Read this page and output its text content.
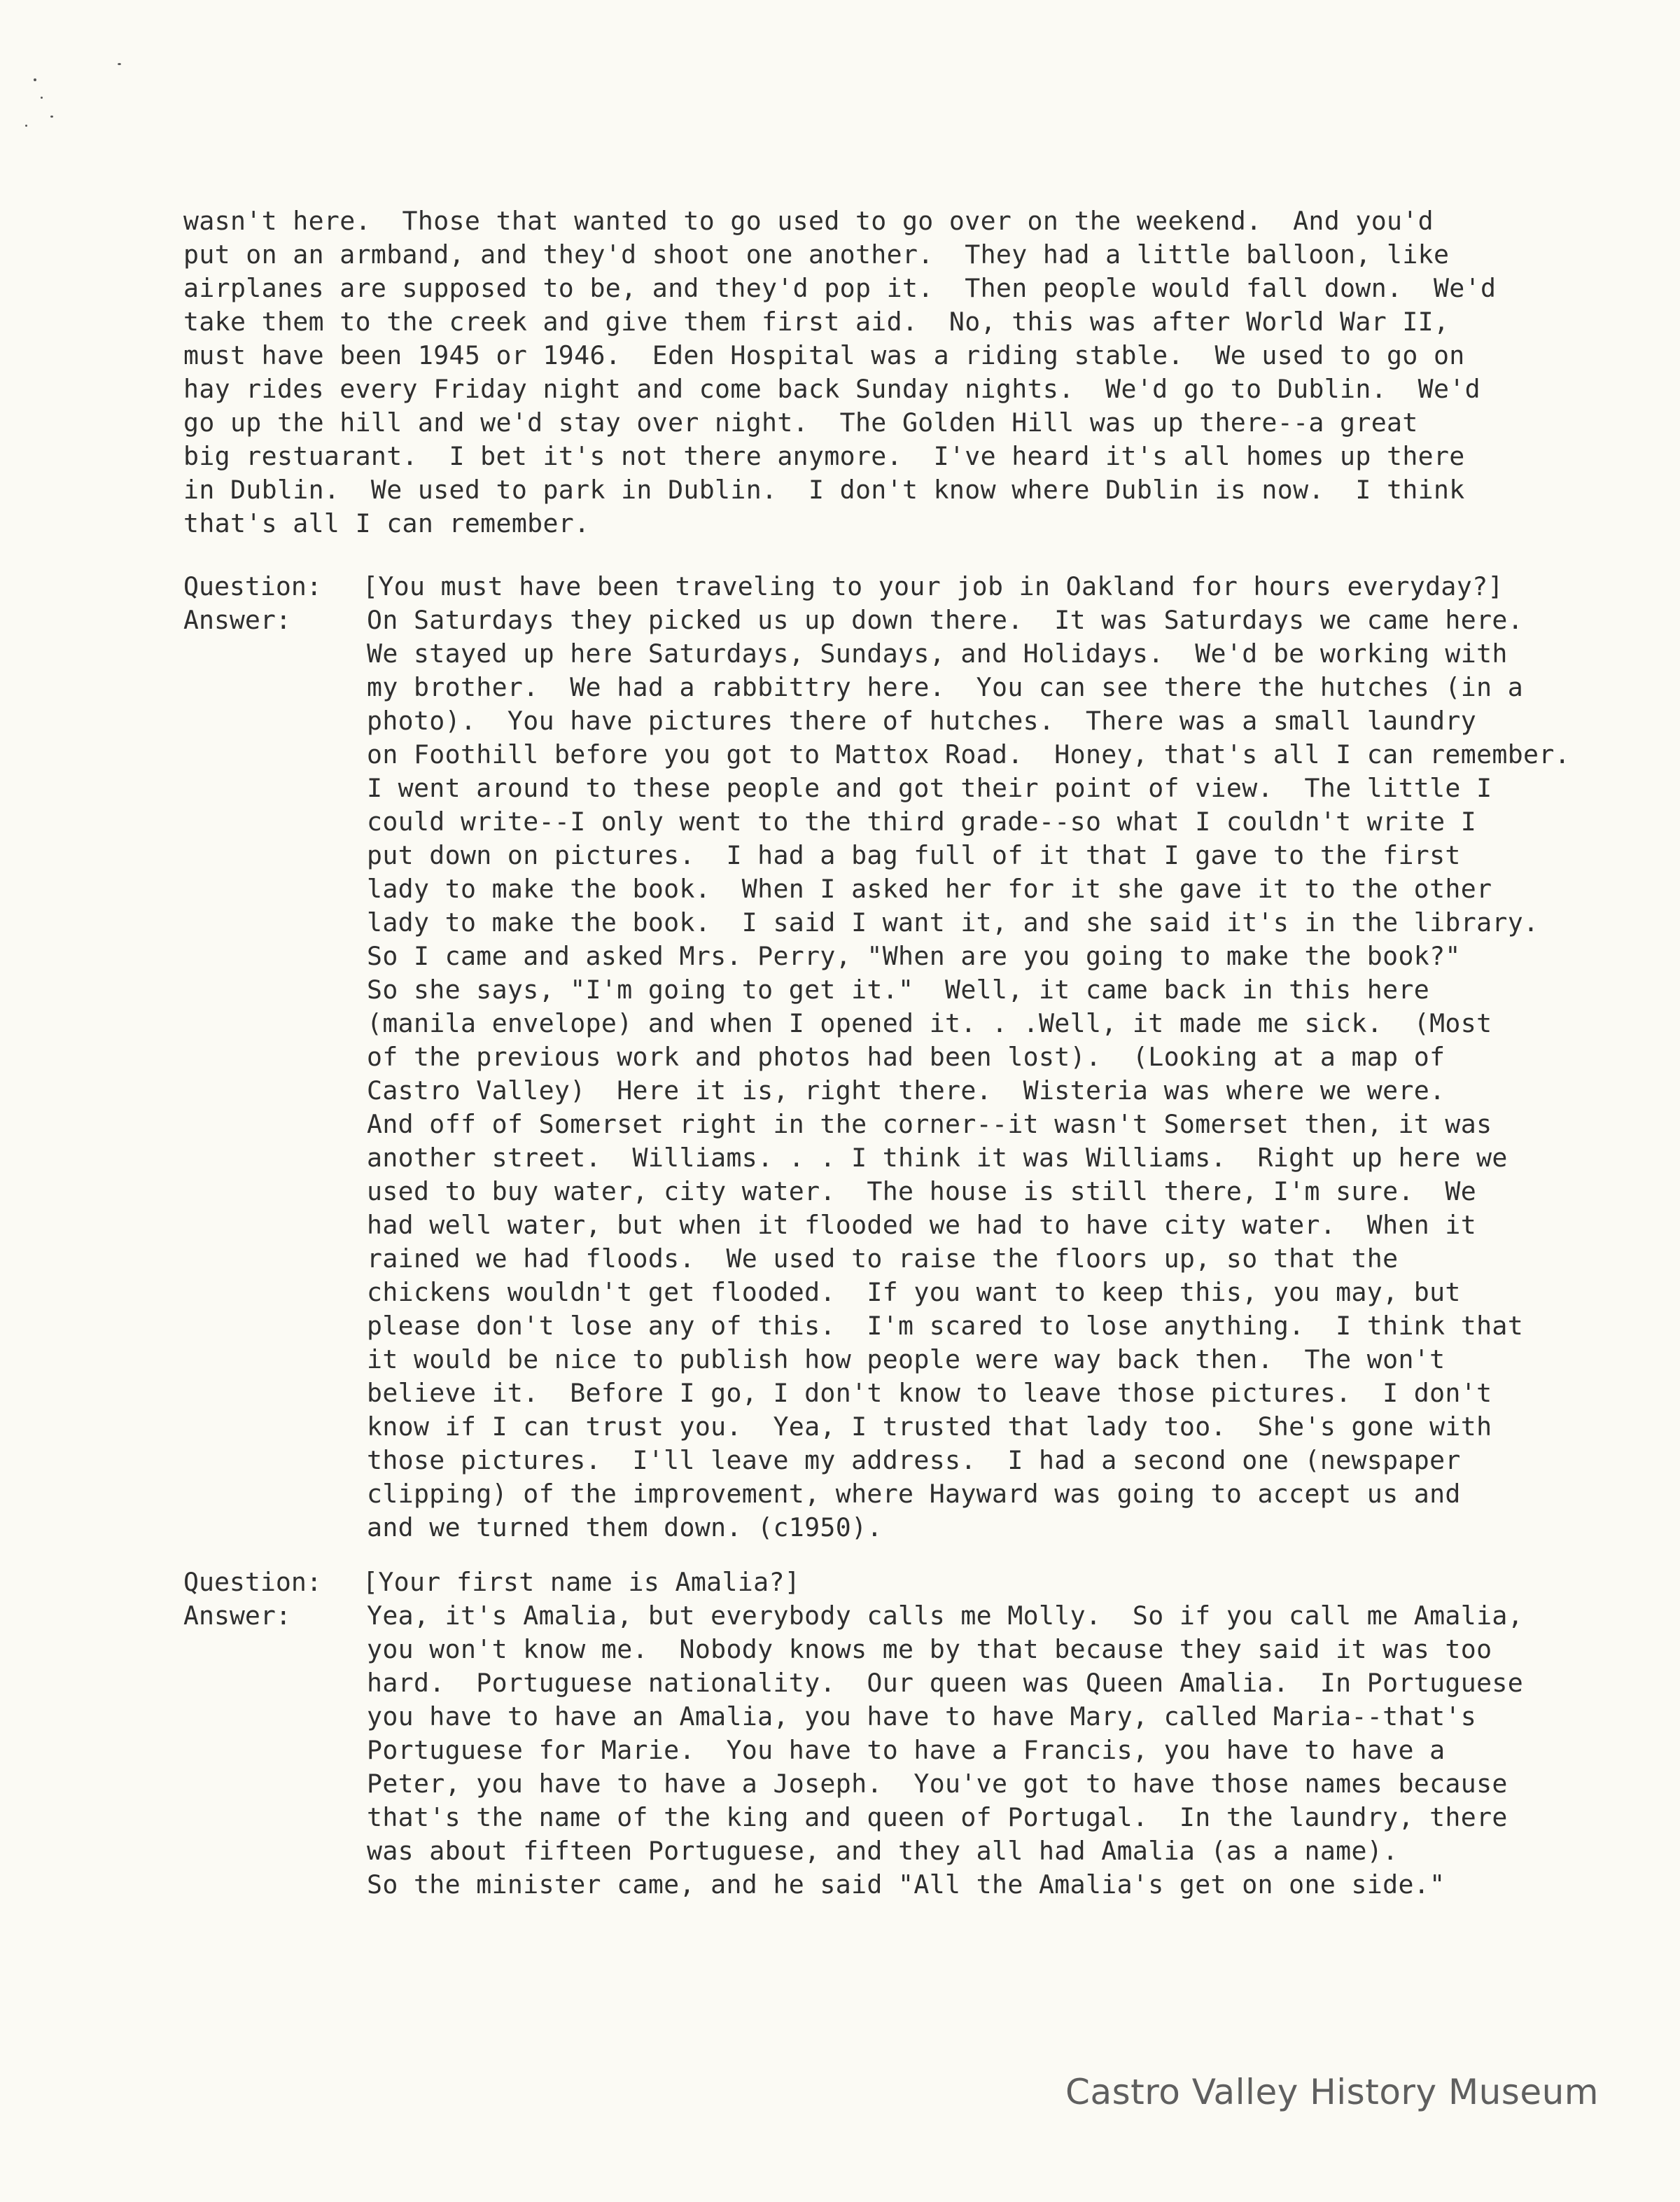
wasn't here.  Those that wanted to go used to go over on the weekend.  And you'd
put on an armband, and they'd shoot one another.  They had a little balloon, like
airplanes are supposed to be, and they'd pop it.  Then people would fall down.  We'd
take them to the creek and give them first aid.  No, this was after World War II,
must have been 1945 or 1946.  Eden Hospital was a riding stable.  We used to go on
hay rides every Friday night and come back Sunday nights.  We'd go to Dublin.  We'd
go up the hill and we'd stay over night.  The Golden Hill was up there--a great
big restuarant.  I bet it's not there anymore.  I've heard it's all homes up there
in Dublin.  We used to park in Dublin.  I don't know where Dublin is now.  I think
that's all I can remember.
Question: [You must have been traveling to your job in Oakland for hours everyday?]
Answer:	On Saturdays they picked us up down there.  It was Saturdays we came here.
We stayed up here Saturdays, Sundays, and Holidays.  We'd be working with
my brother.  We had a rabbittry here.  You can see there the hutches (in a
photo).  You have pictures there of hutches.  There was a small laundry
on Foothill before you got to Mattox Road.  Honey, that's all I can remember.
I went around to these people and got their point of view.  The little I
could write--I only went to the third grade--so what I couldn't write I
put down on pictures.  I had a bag full of it that I gave to the first
lady to make the book.  When I asked her for it she gave it to the other
lady to make the book.  I said I want it, and she said it's in the library.
So I came and asked Mrs. Perry, "When are you going to make the book?"
So she says, "I'm going to get it."  Well, it came back in this here
(manila envelope) and when I opened it. . .Well, it made me sick.  (Most
of the previous work and photos had been lost).  (Looking at a map of
Castro Valley)  Here it is, right there.  Wisteria was where we were.
And off of Somerset right in the corner--it wasn't Somerset then, it was
another street.  Williams. . . I think it was Williams.  Right up here we
used to buy water, city water.  The house is still there, I'm sure.  We
had well water, but when it flooded we had to have city water.  When it
rained we had floods.  We used to raise the floors up, so that the
chickens wouldn't get flooded.  If you want to keep this, you may, but
please don't lose any of this.  I'm scared to lose anything.  I think that
it would be nice to publish how people were way back then.  The won't
believe it.  Before I go, I don't know to leave those pictures.  I don't
know if I can trust you.  Yea, I trusted that lady too.  She's gone with
those pictures.  I'll leave my address.  I had a second one (newspaper
clipping) of the improvement, where Hayward was going to accept us and
and we turned them down. (c1950).
Question: [Your first name is Amalia?]
Answer:	Yea, it's Amalia, but everybody calls me Molly.  So if you call me Amalia,
you won't know me.  Nobody knows me by that because they said it was too
hard.  Portuguese nationality.  Our queen was Queen Amalia.  In Portuguese
you have to have an Amalia, you have to have Mary, called Maria--that's
Portuguese for Marie.  You have to have a Francis, you have to have a
Peter, you have to have a Joseph.  You've got to have those names because
that's the name of the king and queen of Portugal.  In the laundry, there
was about fifteen Portuguese, and they all had Amalia (as a name).
So the minister came, and he said "All the Amalia's get on one side."
Castro Valley History Museum
